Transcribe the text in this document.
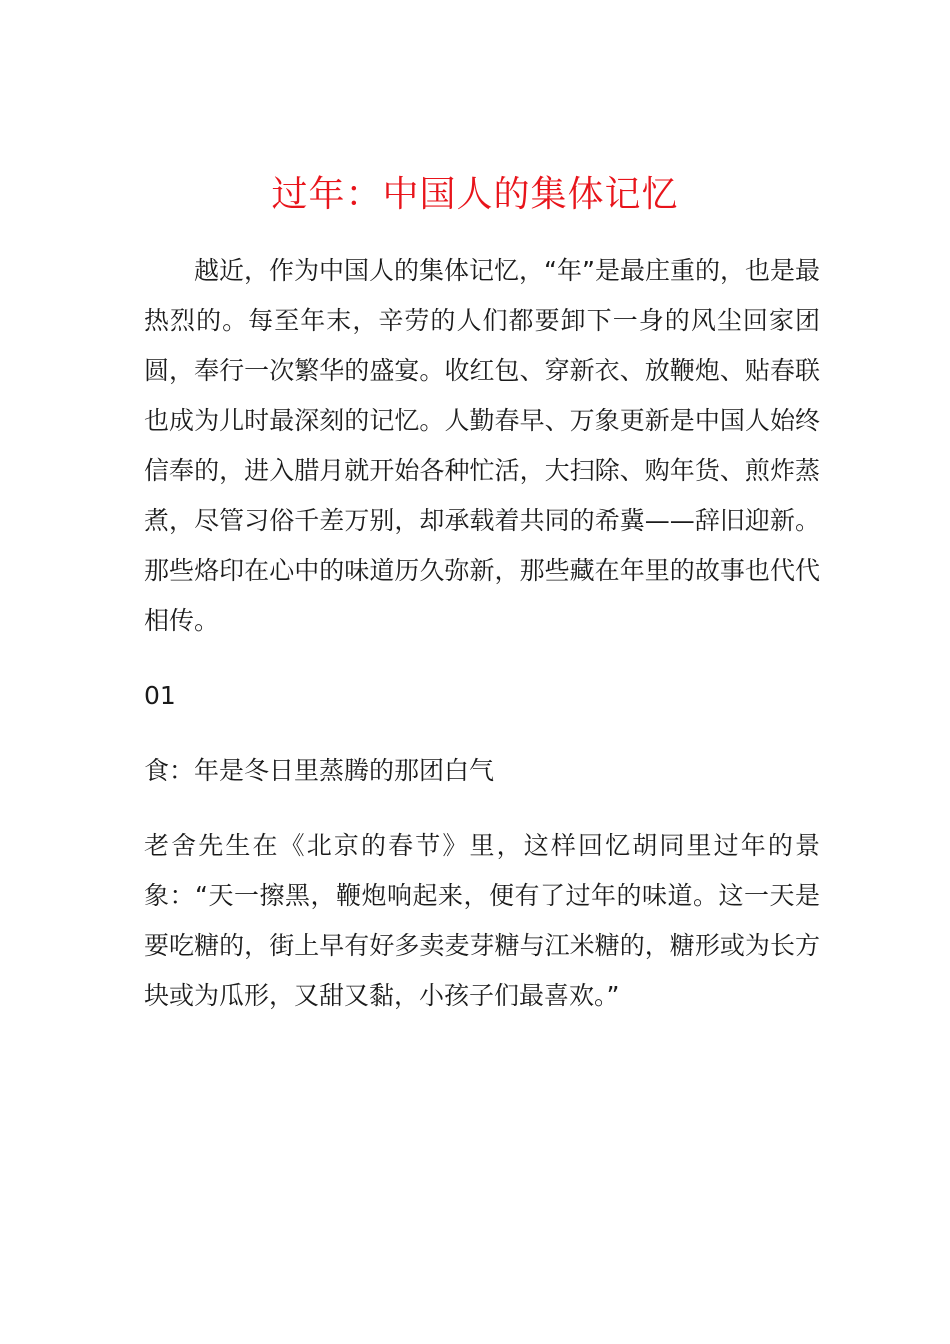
过年：中国人的集体记忆

越近，作为中国人的集体记忆，“年”是最庄重的，也是最热烈的。每至年末，辛劳的人们都要卸下一身的风尘回家团圆，奉行一次繁华的盛宴。收红包、穿新衣、放鞭炮、贴春联也成为儿时最深刻的记忆。人勤春早、万象更新是中国人始终信奉的，进入腊月就开始各种忙活，大扫除、购年货、煎炸蒸煮，尽管习俗千差万别，却承载着共同的希冀——辞旧迎新。那些烙印在心中的味道历久弥新，那些藏在年里的故事也代代相传。

01

食：年是冬日里蒸腾的那团白气

老舍先生在《北京的春节》里，这样回忆胡同里过年的景象：“天一擦黑，鞭炮响起来，便有了过年的味道。这一天是要吃糖的，街上早有好多卖麦芽糖与江米糖的，糖形或为长方块或为瓜形，又甜又黏，小孩子们最喜欢。”
